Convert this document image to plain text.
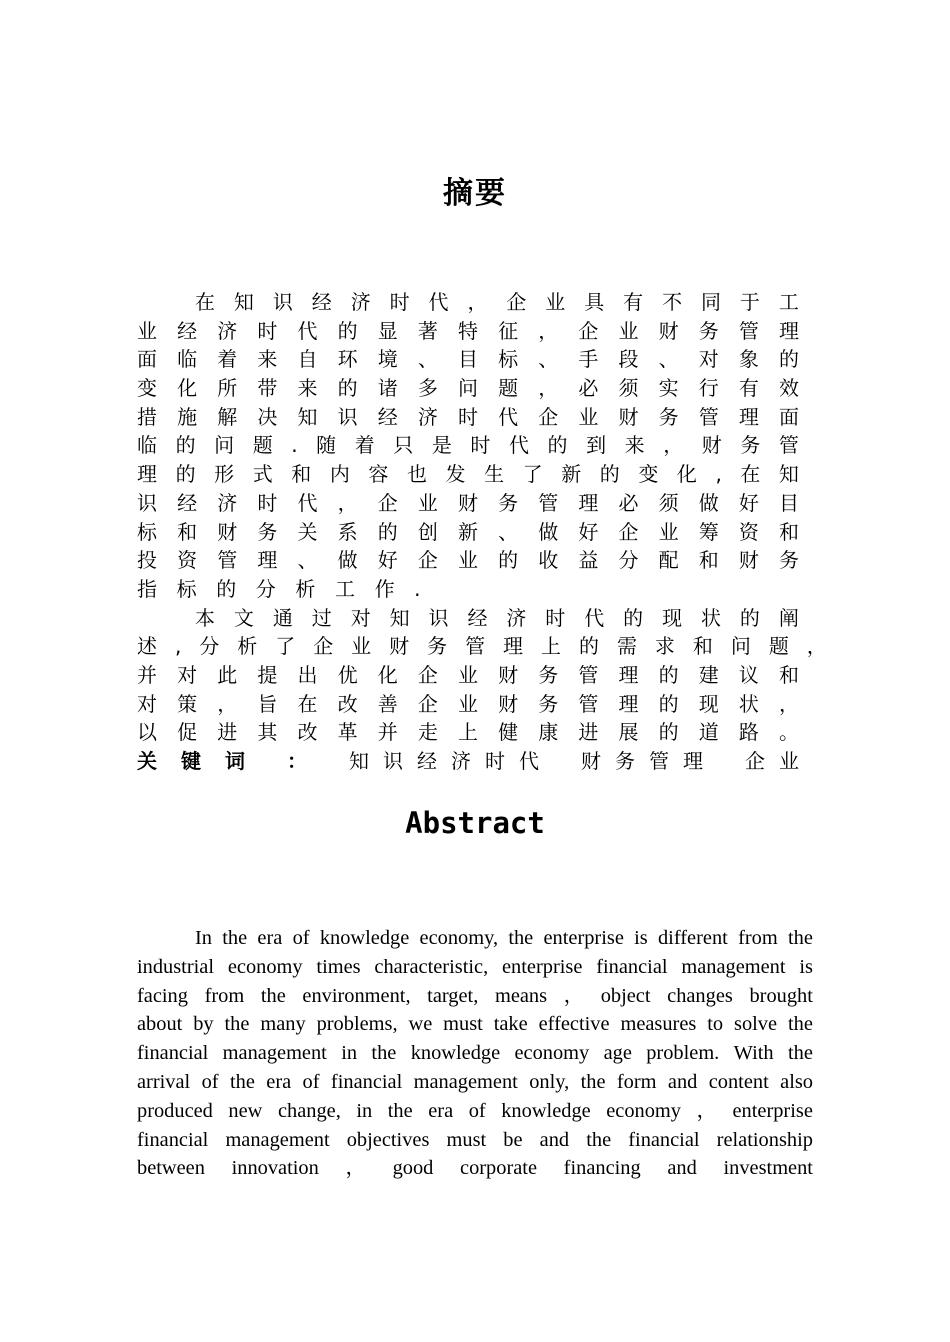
摘要
在 知 识 经 济 时 代 ， 企 业 具 有 不 同 于 工
业 经 济 时 代 的 显 著 特 征 ， 企 业 财 务 管 理
面 临 着 来 自 环 境 、 目 标 、 手 段 、 对 象 的
变 化 所 带 来 的 诸 多 问 题 ， 必 须 实 行 有 效
措 施 解 决 知 识 经 济 时 代 企 业 财 务 管 理 面
临 的 问 题 . 随 着 只 是 时 代 的 到 来 ， 财 务 管
理 的 形 式 和 内 容 也 发 生 了 新 的 变 化 , 在 知
识 经 济 时 代 ， 企 业 财 务 管 理 必 须 做 好 目
标 和 财 务 关 系 的 创 新 、 做 好 企 业 筹 资 和
投 资 管 理 、 做 好 企 业 的 收 益 分 配 和 财 务
指 标 的 分 析 工 作 .
本 文 通 过 对 知 识 经 济 时 代 的 现 状 的 阐
述 , 分 析 了 企 业 财 务 管 理 上 的 需 求 和 问 题 ，
并 对 此 提 出 优 化 企 业 财 务 管 理 的 建 议 和
对 策 ， 旨 在 改 善 企 业 财 务 管 理 的 现 状 ，
以 促 进 其 改 革 并 走 上 健 康 进 展 的 道 路 。
关 键 词 ： 知 识 经 济 时 代 财 务 管 理 企 业
Abstract
In the era of knowledge economy, the enterprise is different from the
industrial economy times characteristic, enterprise financial management is
facing from the environment, target, means ， object changes brought
about by the many problems, we must take effective measures to solve the
financial management in the knowledge economy age problem. With the
arrival of the era of financial management only, the form and content also
produced new change, in the era of knowledge economy ， enterprise
financial management objectives must be and the financial relationship
between innovation ， good corporate financing and investment
